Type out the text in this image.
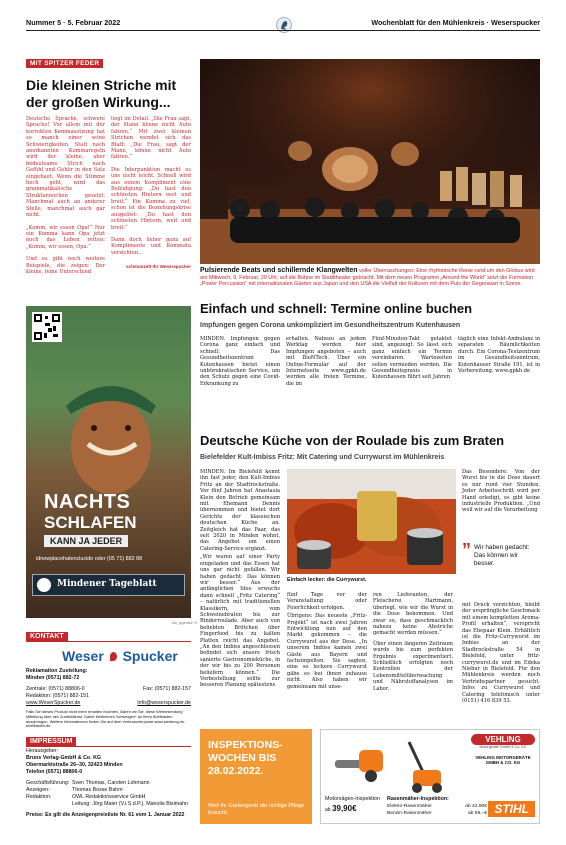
Nummer 5 · 5. Februar 2022	Wochenblatt für den Mühlenkreis · Weserspucker
MIT SPITZER FEDER
Die kleinen Striche mit der großen Wirkung...

Deutsche Sprache, schwere Sprache! Vor allem mit der korrekten Kommasetzung hat so manch einer seine Schwierigkeiten. Statt nach anerkannten Kommaregeln wird der kleine, aber bedeutsame Strich nach Gefühl und Gehör in den Satz eingebaut. Wenn die Stimme hoch geht, wird das grammatikalische Strukturzeichen gesetzt. Manchmal auch an anderer Stelle, manchmal auch gar nicht.

„Komm, wir essen Opa!“ Nur ein Komma kann Opa jetzt noch das Leben retten: „Komm, wir essen, Opa.“

Und es gibt noch weitere Beispiele, die zeigen: Der kleine, feine Unterschied

liegt im Detail. „Die Frau sagt, der Mann könne nicht Auto fahren.“ Mit zwei kleinen Strichen wendet sich das Blatt: „Die Frau, sagt der Mann, könne nicht Auto fahren.“

Die Interpunktion macht es uns nicht leicht. Schnell wird aus einem Kompliment eine Beleidigung: „Du hast den schönsten Hintern weit und breit.“ Ein Komma zu viel, schon ist die Beziehungskrise ausgelöst: „Du hast den schönsten Hintern, weit und breit.“

Dann doch lieber ganz auf Komplimente und Kommata verzichten...

schmunzelt Ihr Weserspucker

Pulsierende Beats und schillernde Klangwelten voller Überraschungen: Eine rhythmische Reise rund um den Globus wird am Mittwoch, 9. Februar, 20 Uhr, auf die Bühne im Stadttheater gebracht. Mit dem neuen Programm „Around the World“ setzt die Formation „Power Percussion“ mit internationalen Gästen aus Japan und den USA die Vielfalt der Kulturen mit dem Puls der Gegenwart in Szene.
NACHTS
SCHLAFEN
KANN JA JEDER
idnewplacehatenclucide oder (05 71) 882 88
Mindener Tageblatt
Ab_agentur+3
Einfach und schnell: Termine online buchen
Impfungen gegen Corona unkompliziert im Gesundheitszentrum Kutenhausen
MINDEN. Impfungen gegen Corona ganz einfach und schnell: Das Gesundheitszentrum Kutenhausen bietet einen unbürokratischen Service, um den Schutz gegen eine Covid-Erkrankung zu
erhalten. Nahezu an jedem Werktag werden hier Impfungen angeboten – auch mit BioNTech. Über ein Online-Formular auf der Internetseite www.gpkh.de werden alle freien Termine, die im
Fünf-Minuten-Takt getaktet sind, angezeigt. So lässt sich ganz einfach ein Termin vereinbaren. Wartezeiten sollen vermieden werden. Die Gesundheitspraxis in Kutenhausen führt seit Jahren
täglich eine Infekt-Ambulanz in separaten Räumlichkeiten durch. Ein Corona-Testzentrum im Gesundheitszentrum, Kutenhauser Straße 191, ist in Vorbereitung. www.gpkh.de
Deutsche Küche von der Roulade bis zum Braten
Bielefelder Kult-Imbiss Fritz: Mit Catering und Currywurst im Mühlenkreis

MINDEN. Im Bielefeld kennt ihn fast jeder, den Kult-Imbiss Fritz an der Stadtrockstraße. Vor fünf Jahren hat Anastasia Klein den Betrieb gemeinsam mit Ehemann Dennis übernommen und bietet dort Gerichte der klassischen deutschen Küche an. Zeitgleich hat das Paar, das seit 2020 in Minden wohnt, das Angebot um einen Catering-Service ergänzt.

„Wir waren auf einer Party eingeladen und das Essen hat uns gar nicht gefallen. Wir haben gedacht: Das können wir besser.“ Aus der anfänglichen Idee erwuchs dann schnell „Fritz Catering“ – natürlich mit traditionellen Klassikern, vom Schweinebraten bis zur Rinderroulade. Aber auch von beliebten Brötchen über Fingerfood bis zu kalten Platten reicht das Angebot. „An den Imbiss angeschlossen befindet sich unsere frisch sanierte Gastronomieküche, in der wir bis zu 200 Personen beliefern können.“ Die Vorbestellung sollte zur besseren Planung spätestens

Einfach lecker: die Currywurst.

fünf Tage vor der Veranstaltung oder Feierlichkeit erfolgen.

Übrigens: Das neueste „Fritz-Projekt“ ist nach zwei Jahren Entwicklung nun auf den Markt gekommen – die Currywurst aus der Dose. „In unserem Imbiss kamen zwei Gäste aus Bayern und fachsimpelten. Sie sagten, eine so leckere Currywurst gäbe es bei ihnen zuhause nicht. Also haben wir gemeinsam mit unse-

ren Lieferanten, der Fleischerei Hartmann, überlegt, wie wir die Wurst in die Dose bekommen. Und zwar so, dass geschmacklich nahezu keine Abstriche gemacht werden müssen.“

Über einen längeren Zeitraum wurde bis zum perfekten Ergebnis experimentiert. Schließlich erfolgten noch Kontrollen der Lebensmittelüberwachung und Nährstoffanalysen im Labor.

Das Besondere: Von der Wurst bis in die Dose dauert es nur rund vier Stunden. Jeder Arbeitsschritt wird per Hand erledigt, es gibt keine industrielle Produktion. „Und weil wir auf die Verarbeitung

” Wir haben gedacht: Das können wir besser.

mit Druck verzichten, bleibt der ursprüngliche Geschmack mit einem kompletten Aroma-Profil erhalten“, verspricht das Ehepaar Klein. Erhältlich ist die Fritz-Currywurst im Imbiss an der Stadtrockstraße 54 in Bielefeld, unter fritz-currywurst.de und im Edeka Niebur in Bielefeld. Für den Mühlenkreis werden noch Vertriebspartner gesucht. Infos zu Currywurst und Catering telefonisch unter (0151) 416 839 53.

KONTAKT
Weser Spucker
Reklamation Zustellung:
Minden (0571) 882-72
Zentrale: (0571) 88806-0	Fax: (0571) 882-157
Redaktion: (0571) 882-151
www.WeserSpucker.de	info@weserspucker.de
Falls Sie dieses Produkt nicht mehr erhalten möchten, klären wir Sie, diese Werbesendung Mitteilung über den Zustelldienst. Daher bestimmen Schweigen* an Ihren Briefkasten anzubringen. Weitere Informationen finden Sie auf dem Verbraucherportal www.werbung-im-briefkasten.de.
IMPRESSUM
Herausgeber:
Bruns Verlag-GmbH & Co. KG
Obermarktstraße 26–30, 32423 Minden
Telefon (0571) 88806-0
Geschäftsführung: Sven Thomas, Carsten Lohmann
Anzeigen:	Thomas Bosse Bahm
Redaktion:	OWL Redaktionsservice GmbH
Leitung: Jörg Maier (V.i.S.d.P.), Manolia Bisimahn
Preise: Es gilt die Anzeigenpreisliste Nr. 61 vom 1. Januar 2022
INSPEKTIONS-WOCHEN BIS 28.02.2022.
Weil Ihr Gartengerät die richtige Pflege braucht.
VEHLING
Motorgeräte GmbH & Co. KG
VEHLING MOTORGERÄTE GMBH & CO. KG
Motorsägen-Inspektion
ab 39,90€
Rasenmäher-Inspektion:
Elektro-Rasenmäher	ab 42,90€
Benzin-Rasenmäher	ab 59,–€ STIHL
